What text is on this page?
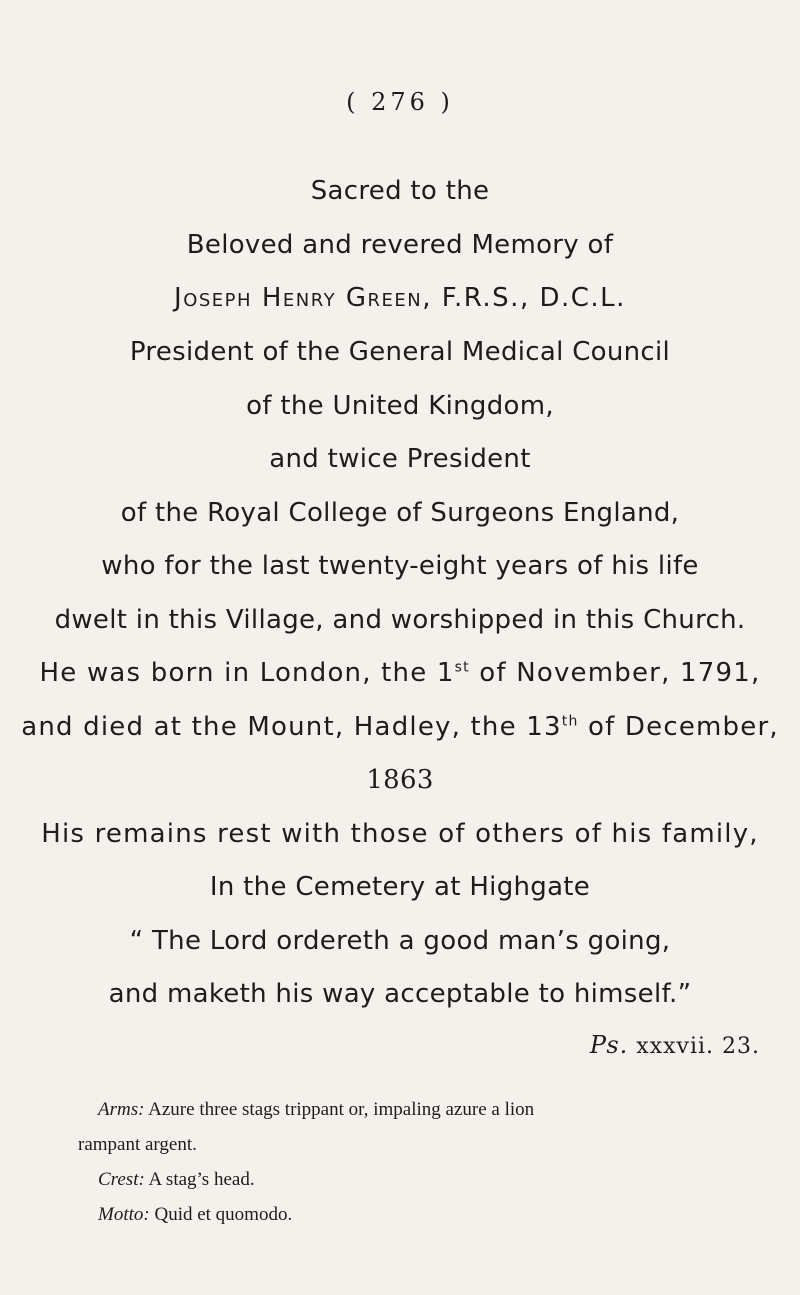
( 276 )
Sacred to the
Beloved and revered Memory of
Joseph Henry Green, F.R.S., D.C.L.
President of the General Medical Council
of the United Kingdom,
and twice President
of the Royal College of Surgeons England,
who for the last twenty-eight years of his life
dwelt in this Village, and worshipped in this Church.
He was born in London, the 1st of November, 1791,
and died at the Mount, Hadley, the 13th of December,
1863
His remains rest with those of others of his family,
In the Cemetery at Highgate
“ The Lord ordereth a good man’s going,
and maketh his way acceptable to himself.”
Ps. xxxvii. 23.
Arms: Azure three stags trippant or, impaling azure a lion
rampant argent.
Crest: A stag’s head.
Motto: Quid et quomodo.
